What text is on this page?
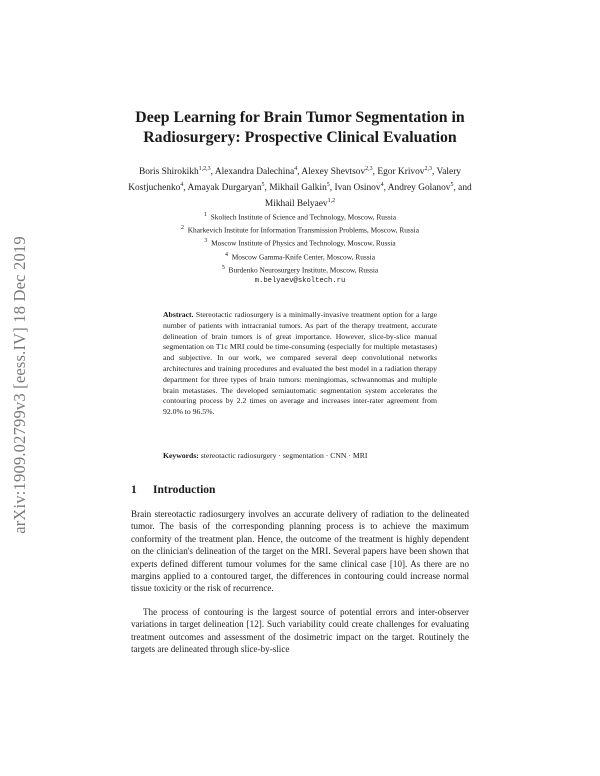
arXiv:1909.02799v3 [eess.IV] 18 Dec 2019
Deep Learning for Brain Tumor Segmentation in
Radiosurgery: Prospective Clinical Evaluation
Boris Shirokikh$^{1,2,3}$, Alexandra Dalechina$^4$, Alexey Shevtsov$^{2,3}$, Egor Krivov$^{2,3}$, Valery Kostjuchenko$^4$, Amayak Durgaryan$^5$, Mikhail Galkin$^5$, Ivan Osinov$^4$, Andrey Golanov$^5$, and Mikhail Belyaev$^{1,2}$
$^1$ Skoltech Institute of Science and Technology, Moscow, Russia
$^2$ Kharkevich Institute for Information Transmission Problems, Moscow, Russia
$^3$ Moscow Institute of Physics and Technology, Moscow, Russia
$^4$ Moscow Gamma-Knife Center, Moscow, Russia
$^5$ Burdenko Neurosurgery Institute, Moscow, Russia
m.belyaev@skoltech.ru

Abstract. Stereotactic radiosurgery is a minimally-invasive treatment option for a large number of patients with intracranial tumors. As part of the therapy treatment, accurate delineation of brain tumors is of great importance. However, slice-by-slice manual segmentation on T1c MRI could be time-consuming (especially for multiple metastases) and subjective. In our work, we compared several deep convolutional networks architectures and training procedures and evaluated the best model in a radiation therapy department for three types of brain tumors: meningiomas, schwannomas and multiple brain metastases. The developed semiautomatic segmentation system accelerates the contouring process by 2.2 times on average and increases inter-rater agreement from 92.0% to 96.5%.

Keywords: stereotactic radiosurgery · segmentation · CNN · MRI

1 Introduction

Brain stereotactic radiosurgery involves an accurate delivery of radiation to the delineated tumor. The basis of the corresponding planning process is to achieve the maximum conformity of the treatment plan. Hence, the outcome of the treatment is highly dependent on the clinician's delineation of the target on the MRI. Several papers have been shown that experts defined different tumour volumes for the same clinical case [10]. As there are no margins applied to a contoured target, the differences in contouring could increase normal tissue toxicity or the risk of recurrence.

The process of contouring is the largest source of potential errors and inter-observer variations in target delineation [12]. Such variability could create challenges for evaluating treatment outcomes and assessment of the dosimetric impact on the target. Routinely the targets are delineated through slice-by-slice
